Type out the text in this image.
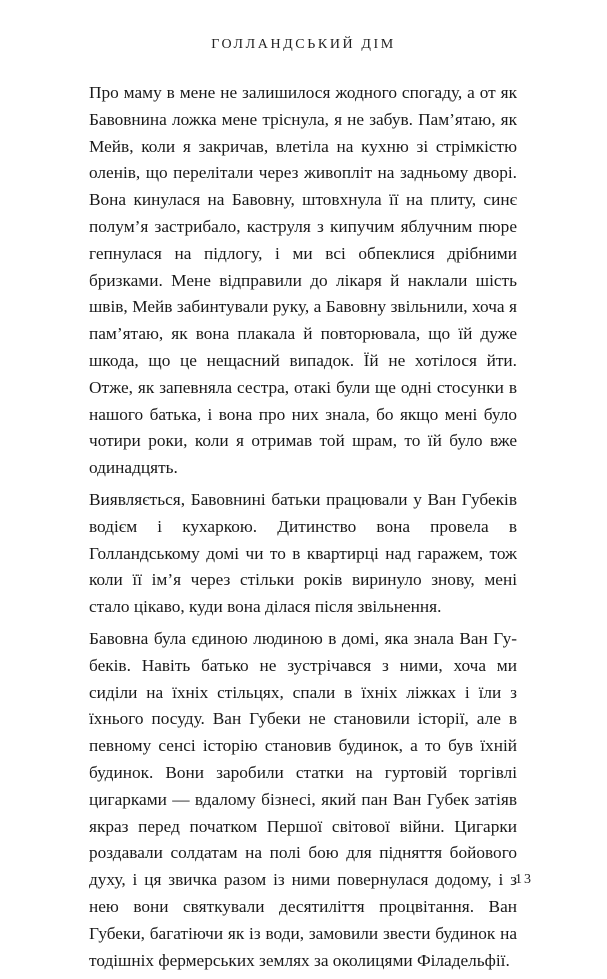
ГОЛЛАНДСЬКИЙ ДІМ

Про маму в мене не залишилося жодного спогаду, а от як Бавовнина ложка мене тріснула, я не забув. Пам’ятаю, як Мейв, коли я закричав, влетіла на кухню зі стрімкістю оленів, що перелітали через живопліт на задньому дворі. Вона кинулася на Бавовну, штовхнула її на плиту, синє полум’я застрибало, каструля з кипучим яблучним пюре гепнулася на підлогу, і ми всі обпеклися дрібними бризками. Мене відправили до лікаря й наклали шість швів, Мейв забинтували руку, а Бавовну звільнили, хоча я пам’ятаю, як вона плакала й повторювала, що їй дуже шкода, що це нещасний випадок. Їй не хотілося йти. Отже, як запевняла сестра, отакі були ще одні стосунки в нашого батька, і вона про них знала, бо якщо мені було чотири роки, коли я отримав той шрам, то їй було вже одинадцять.

Виявляється, Бавовнині батьки працювали у Ван Губеків водієм і кухаркою. Дитинство вона провела в Голландському домі чи то в квартирці над гаражем, тож коли її ім’я через стільки років виринуло знову, мені стало цікаво, куди вона ділася після звільнення.

Бавовна була єдиною людиною в домі, яка знала Ван Губеків. Навіть батько не зустрічався з ними, хоча ми сиділи на їхніх стільцях, спали в їхніх ліжках і їли з їхнього посуду. Ван Губеки не становили історії, але в певному сенсі історію становив будинок, а то був їхній будинок. Вони заробили статки на гуртовій торгівлі цигарками — вдалому бізнесі, який пан Ван Губек затіяв якраз перед початком Першої світової війни. Цигарки роздавали солдатам на полі бою для підняття бойового духу, і ця звичка разом із ними повернулася додому, і з нею вони святкували десятиліття процвітання. Ван Губеки, багатіючи як із води, замовили звести будинок на тодішніх фермерських землях за околицями Філадельфії.

13
